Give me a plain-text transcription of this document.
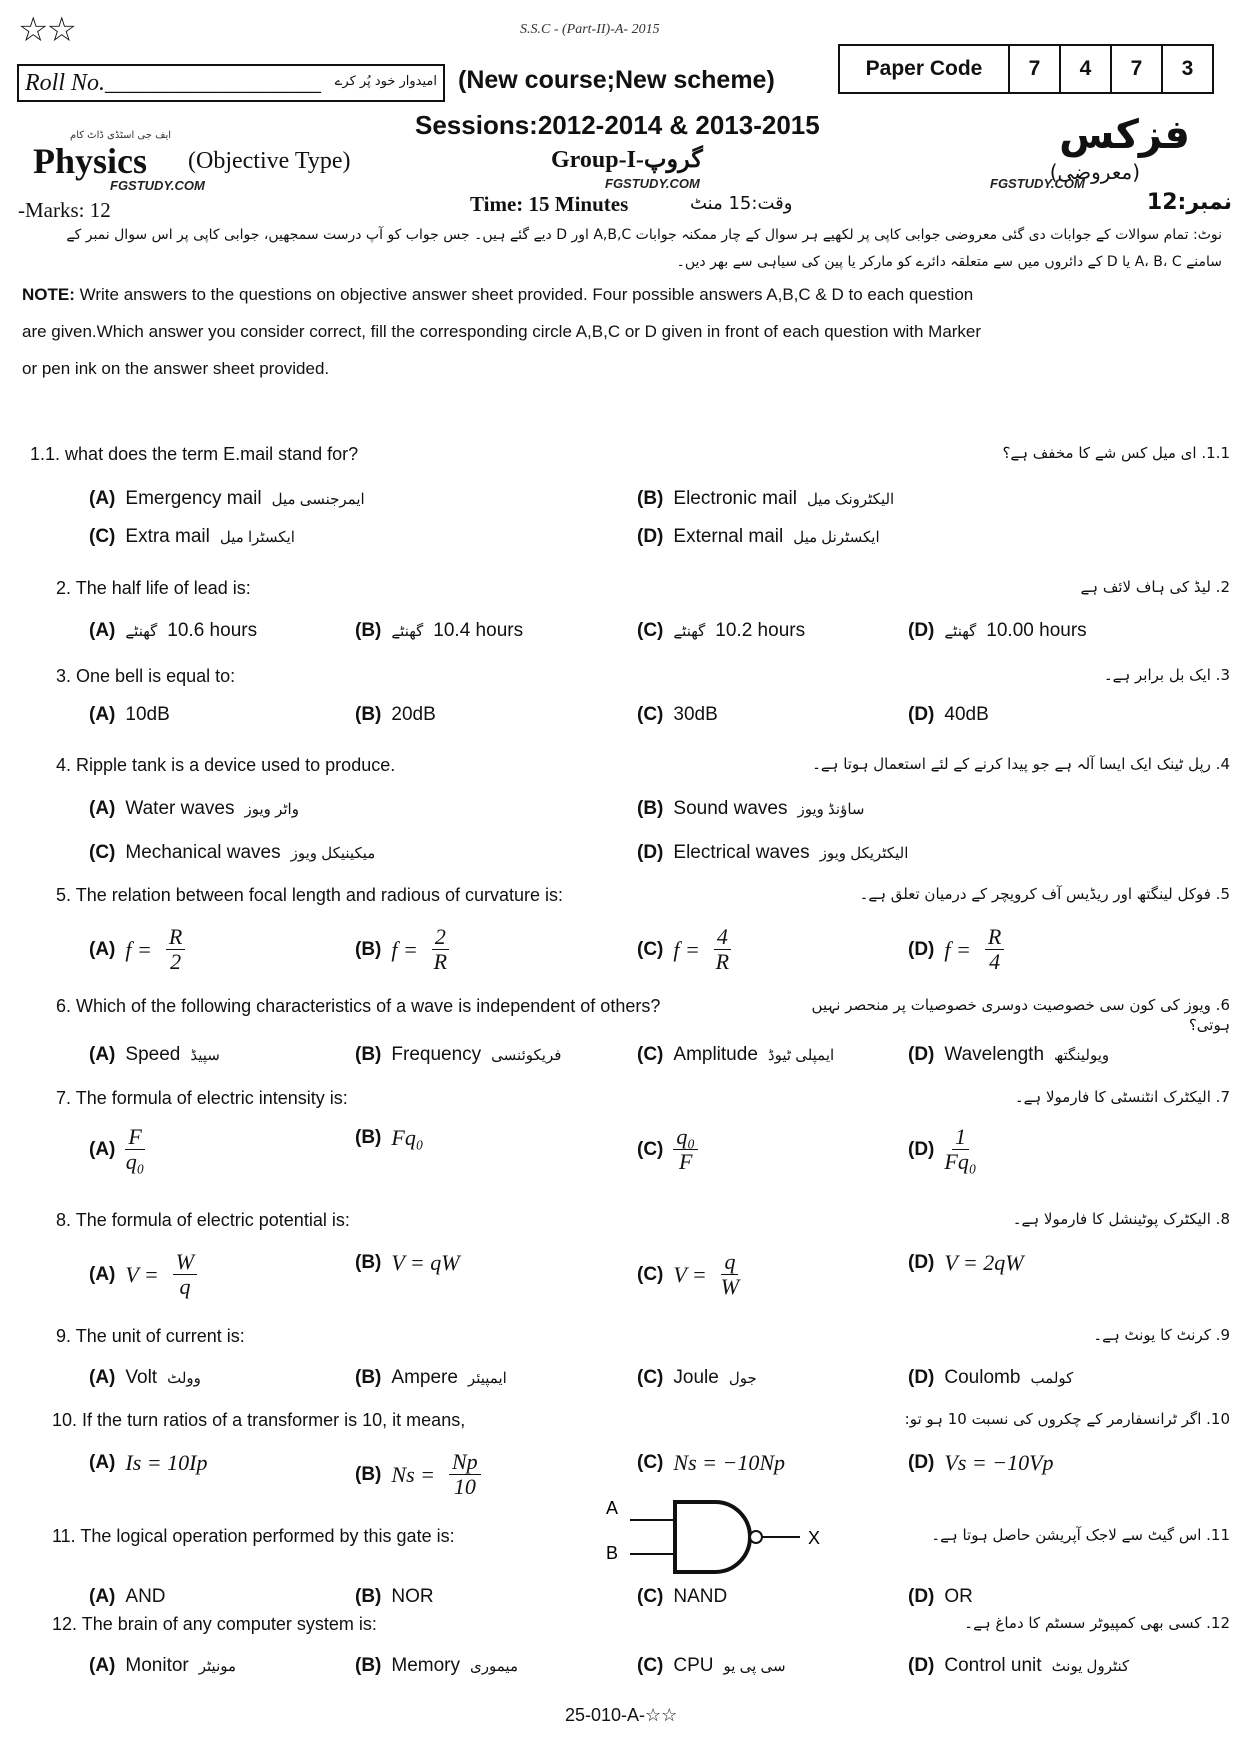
☆☆	S.S.C - (Part-II)-A- 2015
Roll No.__________________ امیدوار خود پُر کرے (New course;New scheme)	Paper Code	7	4	7	3
Sessions:2012-2014 & 2013-2015
Physics (Objective Type)	Group-I-گروپ
فزکس
(معروضی)
Time: 15 Minutes	وقت:15 منٹ
-Marks: 12	نمبر:12
FGSTUDY.COM	FGSTUDY.COM	FGSTUDY.COM
ایف جی اسٹڈی ڈاٹ کام
نوٹ: تمام سوالات کے جوابات دی گئی معروضی جوابی کاپی پر لکھیے ہر سوال کے چار ممکنہ جوابات A,B,C اور D دیے گئے ہیں۔ جس جواب کو آپ درست سمجھیں، جوابی کاپی پر اس سوال نمبر کے
سامنے A، B، C یا D کے دائروں میں سے متعلقہ دائرے کو مارکر یا پین کی سیاہی سے بھر دیں۔
NOTE: Write answers to the questions on objective answer sheet provided. Four possible answers A,B,C & D to each question
are given.Which answer you consider correct, fill the corresponding circle A,B,C or D given in front of each question with Marker
or pen ink on the answer sheet provided.
1.1. what does the term E.mail stand for?	1.1. ای میل کس شے کا مخفف ہے؟
(A) Emergency mail ایمرجنسی میل	(B) Electronic mail الیکٹرونک میل
(C) Extra mail ایکسٹرا میل	(D) External mail ایکسٹرنل میل
2. The half life of lead is:	2. لیڈ کی ہاف لائف ہے
(A) گھنٹے 10.6 hours	(B) گھنٹے 10.4 hours	(C) گھنٹے 10.2 hours	(D) گھنٹے 10.00 hours
3. One bell is equal to:	3. ایک بل برابر ہے۔
(A) 10dB	(B) 20dB	(C) 30dB	(D) 40dB
4. Ripple tank is a device used to produce.	4. رپل ٹینک ایک ایسا آلہ ہے جو پیدا کرنے کے لئے استعمال ہوتا ہے۔
(A) Water waves واٹر ویوز	(B) Sound waves ساؤنڈ ویوز
(C) Mechanical waves میکینیکل ویوز	(D) Electrical waves الیکٹریکل ویوز
5. The relation between focal length and radious of curvature is:	5. فوکل لینگتھ اور ریڈیس آف کرویچر کے درمیان تعلق ہے۔
(A) $f = \frac{R}{2}$	(B) $f = \frac{2}{R}$	(C) $f = \frac{4}{R}$	(D) $f = \frac{R}{4}$
6. Which of the following characteristics of a wave is independent of others?	6. ویوز کی کون سی خصوصیت دوسری خصوصیات پر منحصر نہیں ہوتی؟
(A) Speed سپیڈ	(B) Frequency فریکوئنسی	(C) Amplitude ایمپلی ٹیوڈ	(D) Wavelength ویولینگتھ
7. The formula of electric intensity is:	7. الیکٹرک انٹنسٹی کا فارمولا ہے۔
$(A) \frac{F}{\text{q₀}}$	(B) Fq₀	$(C) \frac{\text{q₀}}{F}$	$(D) \frac{1}{\text{Fq₀}}$
8. The formula of electric potential is:	8. الیکٹرک پوٹینشل کا فارمولا ہے۔
(A) $V = \frac{W}{q}$	(B) V = qW	(C) $V = \frac{q}{W}$	(D) V = 2qW
9. The unit of current is:	9. کرنٹ کا یونٹ ہے۔
(A) Volt وولٹ	(B) Ampere ایمپیئر	(C) Joule جول	(D) Coulomb کولمب
10. If the turn ratios of a transformer is 10, it means,	10. اگر ٹرانسفارمر کے چکروں کی نسبت 10 ہو تو:
(A) Is = 10Ip	(B) $Ns = \frac{Np}{10}$	(C) Ns = −10Np	(D) Vs = −10Vp
11. The logical operation performed by this gate is:	11. اس گیٹ سے لاجک آپریشن حاصل ہوتا ہے۔
(A) AND	(B) NOR	(C) NAND	(D) OR
12. The brain of any computer system is:	12. کسی بھی کمپیوٹر سسٹم کا دماغ ہے۔
(A) Monitor مونیٹر	(B) Memory میموری	(C) CPU سی پی یو	(D) Control unit کنٹرول یونٹ
A
B
X
25-010-A-☆☆
